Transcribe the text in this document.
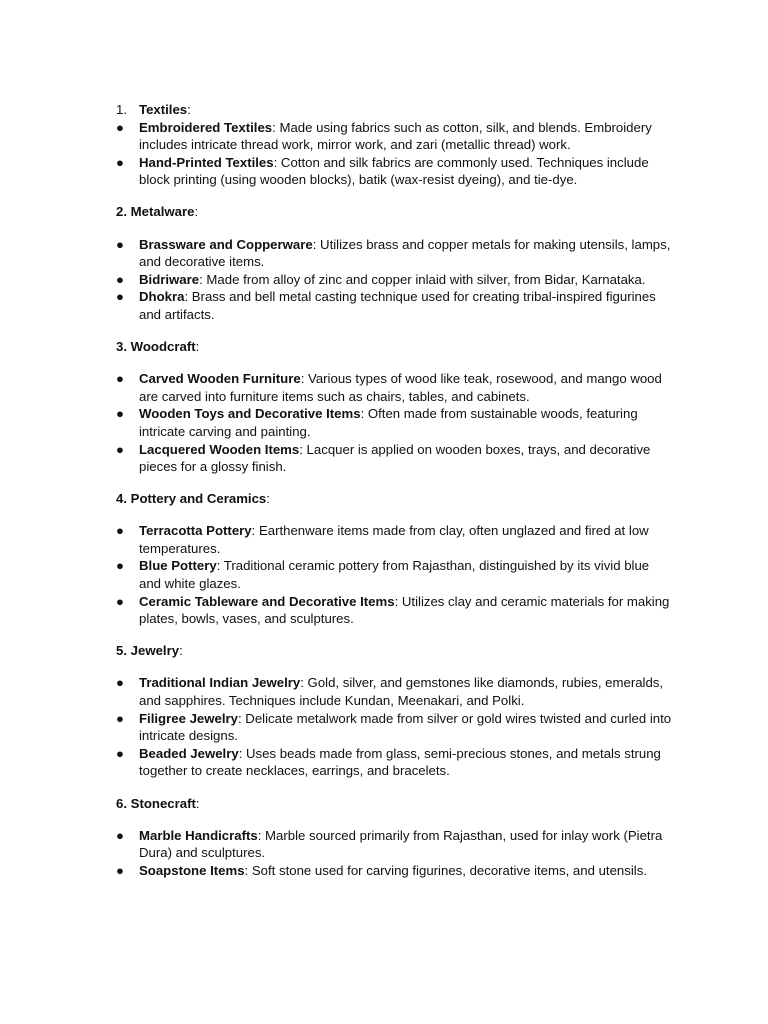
1. Textiles:
●	Embroidered Textiles: Made using fabrics such as cotton, silk, and blends. Embroidery includes intricate thread work, mirror work, and zari (metallic thread) work.
●	Hand-Printed Textiles: Cotton and silk fabrics are commonly used. Techniques include block printing (using wooden blocks), batik (wax-resist dyeing), and tie-dye.
2. Metalware:
●	Brassware and Copperware: Utilizes brass and copper metals for making utensils, lamps, and decorative items.
●	Bidriware: Made from alloy of zinc and copper inlaid with silver, from Bidar, Karnataka.
●	Dhokra: Brass and bell metal casting technique used for creating tribal-inspired figurines and artifacts.
3. Woodcraft:
●	Carved Wooden Furniture: Various types of wood like teak, rosewood, and mango wood are carved into furniture items such as chairs, tables, and cabinets.
●	Wooden Toys and Decorative Items: Often made from sustainable woods, featuring intricate carving and painting.
●	Lacquered Wooden Items: Lacquer is applied on wooden boxes, trays, and decorative pieces for a glossy finish.
4. Pottery and Ceramics:
●	Terracotta Pottery: Earthenware items made from clay, often unglazed and fired at low temperatures.
●	Blue Pottery: Traditional ceramic pottery from Rajasthan, distinguished by its vivid blue and white glazes.
●	Ceramic Tableware and Decorative Items: Utilizes clay and ceramic materials for making plates, bowls, vases, and sculptures.
5. Jewelry:
●	Traditional Indian Jewelry: Gold, silver, and gemstones like diamonds, rubies, emeralds, and sapphires. Techniques include Kundan, Meenakari, and Polki.
●	Filigree Jewelry: Delicate metalwork made from silver or gold wires twisted and curled into intricate designs.
●	Beaded Jewelry: Uses beads made from glass, semi-precious stones, and metals strung together to create necklaces, earrings, and bracelets.
6. Stonecraft:
●	Marble Handicrafts: Marble sourced primarily from Rajasthan, used for inlay work (Pietra Dura) and sculptures.
●	Soapstone Items: Soft stone used for carving figurines, decorative items, and utensils.
